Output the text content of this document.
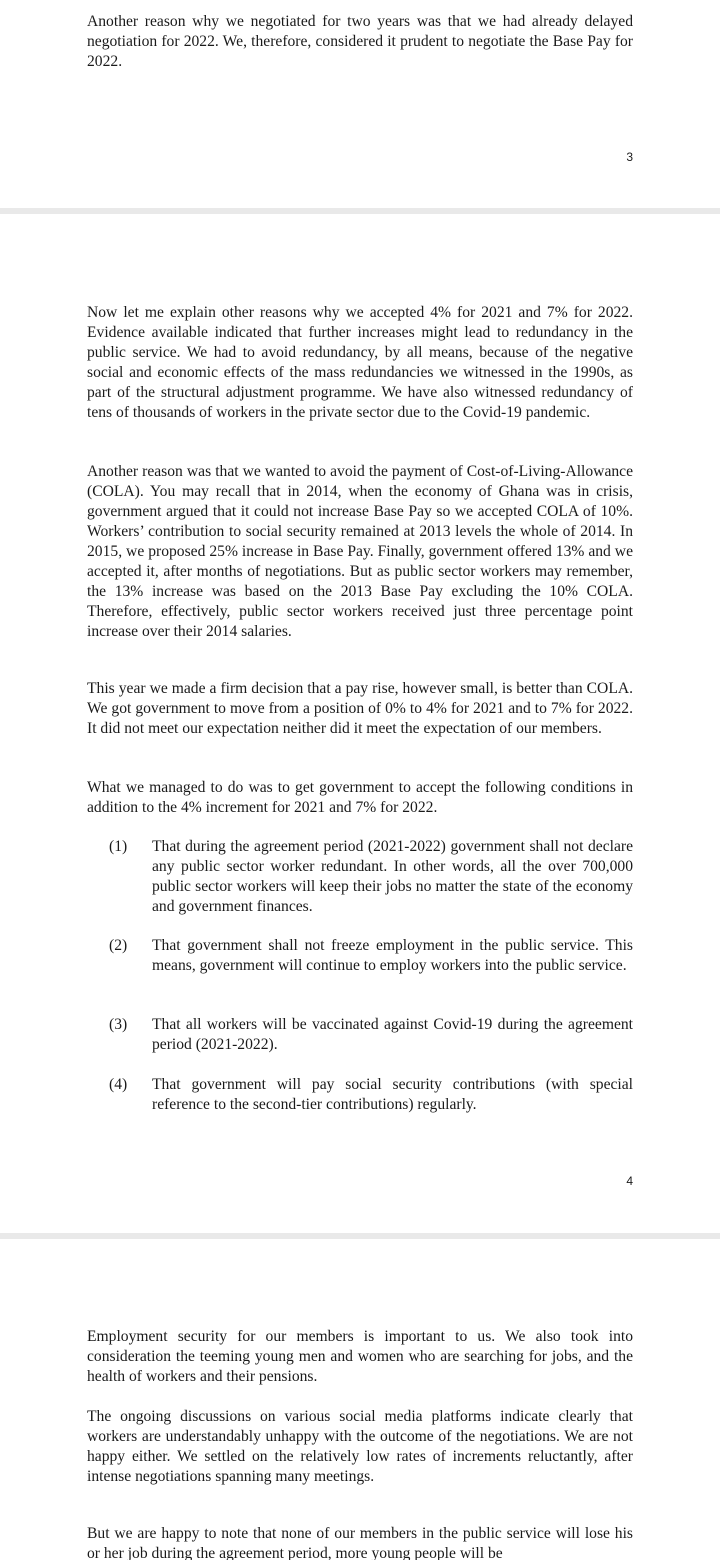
Another reason why we negotiated for two years was that we had already delayed negotiation for 2022. We, therefore, considered it prudent to negotiate the Base Pay for 2022.

3

Now let me explain other reasons why we accepted 4% for 2021 and 7% for 2022. Evidence available indicated that further increases might lead to redundancy in the public service. We had to avoid redundancy, by all means, because of the negative social and economic effects of the mass redundancies we witnessed in the 1990s, as part of the structural adjustment programme. We have also witnessed redundancy of tens of thousands of workers in the private sector due to the Covid-19 pandemic.

Another reason was that we wanted to avoid the payment of Cost-of-Living-Allowance (COLA). You may recall that in 2014, when the economy of Ghana was in crisis, government argued that it could not increase Base Pay so we accepted COLA of 10%. Workers’ contribution to social security remained at 2013 levels the whole of 2014. In 2015, we proposed 25% increase in Base Pay. Finally, government offered 13% and we accepted it, after months of negotiations. But as public sector workers may remember, the 13% increase was based on the 2013 Base Pay excluding the 10% COLA. Therefore, effectively, public sector workers received just three percentage point increase over their 2014 salaries.

This year we made a firm decision that a pay rise, however small, is better than COLA. We got government to move from a position of 0% to 4% for 2021 and to 7% for 2022. It did not meet our expectation neither did it meet the expectation of our members.

What we managed to do was to get government to accept the following conditions in addition to the 4% increment for 2021 and 7% for 2022.

(1)	That during the agreement period (2021-2022) government shall not declare any public sector worker redundant. In other words, all the over 700,000 public sector workers will keep their jobs no matter the state of the economy and government finances.
(2)	That government shall not freeze employment in the public service. This means, government will continue to employ workers into the public service.
(3)	That all workers will be vaccinated against Covid-19 during the agreement period (2021-2022).
(4)	That government will pay social security contributions (with special reference to the second-tier contributions) regularly.
4

Employment security for our members is important to us. We also took into consideration the teeming young men and women who are searching for jobs, and the health of workers and their pensions.

The ongoing discussions on various social media platforms indicate clearly that workers are understandably unhappy with the outcome of the negotiations. We are not happy either. We settled on the relatively low rates of increments reluctantly, after intense negotiations spanning many meetings.

But we are happy to note that none of our members in the public service will lose his or her job during the agreement period, more young people will be
